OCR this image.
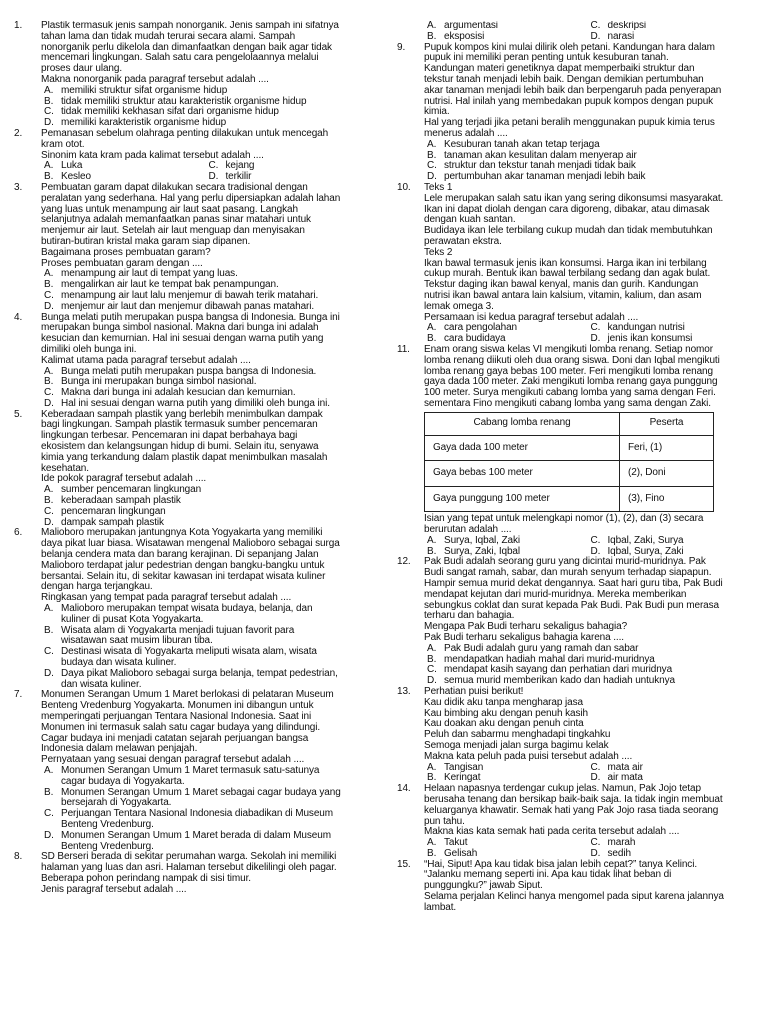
1.	Plastik termasuk jenis sampah nonorganik. Jenis sampah ini sifatnya
tahan lama dan tidak mudah terurai secara alami. Sampah
nonorganik perlu dikelola dan dimanfaatkan dengan baik agar tidak
mencemari lingkungan. Salah satu cara pengelolaannya melalui
proses daur ulang.
Makna nonorganik pada paragraf tersebut adalah ....
A. memiliki struktur sifat organisme hidup
B. tidak memiliki struktur atau karakteristik organisme hidup
C. tidak memiliki kekhasan sifat dari organisme hidup
D. memiliki karakteristik organisme hidup
2.	Pemanasan sebelum olahraga penting dilakukan untuk mencegah
kram otot.
Sinonim kata kram pada kalimat tersebut adalah ....
A. Luka	C. kejang
B. Kesleo	D. terkilir
3.	Pembuatan garam dapat dilakukan secara tradisional dengan
peralatan yang sederhana. Hal yang perlu dipersiapkan adalah lahan
yang luas untuk menampung air laut saat pasang. Langkah
selanjutnya adalah memanfaatkan panas sinar matahari untuk
menjemur air laut. Setelah air laut menguap dan menyisakan
butiran-butiran kristal maka garam siap dipanen.
Bagaimana proses pembuatan garam?
Proses pembuatan garam dengan ....
A. menampung air laut di tempat yang luas.
B. mengalirkan air laut ke tempat bak penampungan.
C. menampung air laut lalu menjemur di bawah terik matahari.
D. menjemur air laut dan menjemur dibawah panas matahari.
4.	Bunga melati putih merupakan puspa bangsa di Indonesia. Bunga ini
merupakan bunga simbol nasional. Makna dari bunga ini adalah
kesucian dan kemurnian. Hal ini sesuai dengan warna putih yang
dimiliki oleh bunga ini.
Kalimat utama pada paragraf tersebut adalah ....
A. Bunga melati putih merupakan puspa bangsa di Indonesia.
B. Bunga ini merupakan bunga simbol nasional.
C. Makna dari bunga ini adalah kesucian dan kemurnian.
D. Hal ini sesuai dengan warna putih yang dimiliki oleh bunga ini.
5.	Keberadaan sampah plastik yang berlebih menimbulkan dampak
bagi lingkungan. Sampah plastik termasuk sumber pencemaran
lingkungan terbesar. Pencemaran ini dapat berbahaya bagi
ekosistem dan kelangsungan hidup di bumi. Selain itu, senyawa
kimia yang terkandung dalam plastik dapat menimbulkan masalah
kesehatan.
Ide pokok paragraf tersebut adalah ....
A. sumber pencemaran lingkungan
B. keberadaan sampah plastik
C. pencemaran lingkungan
D. dampak sampah plastik
6.	Malioboro merupakan jantungnya Kota Yogyakarta yang memiliki
daya pikat luar biasa. Wisatawan mengenal Malioboro sebagai surga
belanja cendera mata dan barang kerajinan. Di sepanjang Jalan
Malioboro terdapat jalur pedestrian dengan bangku-bangku untuk
bersantai. Selain itu, di sekitar kawasan ini terdapat wisata kuliner
dengan harga terjangkau.
Ringkasan yang tempat pada paragraf tersebut adalah ....
A. Malioboro merupakan tempat wisata budaya, belanja, dan
kuliner di pusat Kota Yogyakarta.
B. Wisata alam di Yogyakarta menjadi tujuan favorit para
wisatawan saat musim liburan tiba.
C. Destinasi wisata di Yogyakarta meliputi wisata alam, wisata
budaya dan wisata kuliner.
D. Daya pikat Malioboro sebagai surga belanja, tempat pedestrian,
dan wisata kuliner.
7.	Monumen Serangan Umum 1 Maret berlokasi di pelataran Museum
Benteng Vredenburg Yogyakarta. Monumen ini dibangun untuk
memperingati perjuangan Tentara Nasional Indonesia. Saat ini
Monumen ini termasuk salah satu cagar budaya yang dilindungi.
Cagar budaya ini menjadi catatan sejarah perjuangan bangsa
Indonesia dalam melawan penjajah.
Pernyataan yang sesuai dengan paragraf tersebut adalah ....
A. Monumen Serangan Umum 1 Maret termasuk satu-satunya
cagar budaya di Yogyakarta.
B. Monumen Serangan Umum 1 Maret sebagai cagar budaya yang
bersejarah di Yogyakarta.
C. Perjuangan Tentara Nasional Indonesia diabadikan di Museum
Benteng Vredenburg.
D. Monumen Serangan Umum 1 Maret berada di dalam Museum
Benteng Vredenburg.
8.	SD Berseri berada di sekitar perumahan warga. Sekolah ini memiliki
halaman yang luas dan asri. Halaman tersebut dikelilingi oleh pagar.
Beberapa pohon perindang nampak di sisi timur.
Jenis paragraf tersebut adalah ....
A. argumentasi	C. deskripsi
B. eksposisi	D. narasi
9.	Pupuk kompos kini mulai dilirik oleh petani. Kandungan hara dalam
pupuk ini memiliki peran penting untuk kesuburan tanah.
Kandungan materi genetiknya dapat memperbaiki struktur dan
tekstur tanah menjadi lebih baik. Dengan demikian pertumbuhan
akar tanaman menjadi lebih baik dan berpengaruh pada penyerapan
nutrisi. Hal inilah yang membedakan pupuk kompos dengan pupuk
kimia.
Hal yang terjadi jika petani beralih menggunakan pupuk kimia terus
menerus adalah ....
A. Kesuburan tanah akan tetap terjaga
B. tanaman akan kesulitan dalam menyerap air
C. struktur dan tekstur tanah menjadi tidak baik
D. pertumbuhan akar tanaman menjadi lebih baik
10.	Teks 1
Lele merupakan salah satu ikan yang sering dikonsumsi masyarakat.
Ikan ini dapat diolah dengan cara digoreng, dibakar, atau dimasak
dengan kuah santan.
Budidaya ikan lele terbilang cukup mudah dan tidak membutuhkan
perawatan ekstra.
Teks 2
Ikan bawal termasuk jenis ikan konsumsi. Harga ikan ini terbilang
cukup murah. Bentuk ikan bawal terbilang sedang dan agak bulat.
Tekstur daging ikan bawal kenyal, manis dan gurih. Kandungan
nutrisi ikan bawal antara lain kalsium, vitamin, kalium, dan asam
lemak omega 3.
Persamaan isi kedua paragraf tersebut adalah ....
A. cara pengolahan	C. kandungan nutrisi
B. cara budidaya	D. jenis ikan konsumsi
11.	Enam orang siswa kelas VI mengikuti lomba renang. Setiap nomor
lomba renang diikuti oleh dua orang siswa. Doni dan Iqbal mengikuti
lomba renang gaya bebas 100 meter. Feri mengikuti lomba renang
gaya dada 100 meter. Zaki mengikuti lomba renang gaya punggung
100 meter. Surya mengikuti cabang lomba yang sama dengan Feri.
sementara Fino mengikuti cabang lomba yang sama dengan Zaki.
Cabang lomba renang	Peserta
Gaya dada 100 meter	Feri, (1)
Gaya bebas 100 meter	(2), Doni
Gaya punggung 100 meter	(3), Fino
Isian yang tepat untuk melengkapi nomor (1), (2), dan (3) secara
berurutan adalah ....
A. Surya, Iqbal, Zaki	C. Iqbal, Zaki, Surya
B. Surya, Zaki, Iqbal	D. Iqbal, Surya, Zaki
12.	Pak Budi adalah seorang guru yang dicintai murid-muridnya. Pak
Budi sangat ramah, sabar, dan murah senyum terhadap siapapun.
Hampir semua murid dekat dengannya. Saat hari guru tiba, Pak Budi
mendapat kejutan dari murid-muridnya. Mereka memberikan
sebungkus coklat dan surat kepada Pak Budi. Pak Budi pun merasa
terharu dan bahagia.
Mengapa Pak Budi terharu sekaligus bahagia?
Pak Budi terharu sekaligus bahagia karena ....
A. Pak Budi adalah guru yang ramah dan sabar
B. mendapatkan hadiah mahal dari murid-muridnya
C. mendapat kasih sayang dan perhatian dari muridnya
D. semua murid memberikan kado dan hadiah untuknya
13.	Perhatian puisi berikut!
Kau didik aku tanpa mengharap jasa
Kau bimbing aku dengan penuh kasih
Kau doakan aku dengan penuh cinta
Peluh dan sabarmu menghadapi tingkahku
Semoga menjadi jalan surga bagimu kelak
Makna kata peluh pada puisi tersebut adalah ....
A. Tangisan	C. mata air
B. Keringat	D. air mata
14.	Helaan napasnya terdengar cukup jelas. Namun, Pak Jojo tetap
berusaha tenang dan bersikap baik-baik saja. Ia tidak ingin membuat
keluarganya khawatir. Semak hati yang Pak Jojo rasa tiada seorang
pun tahu.
Makna kias kata semak hati pada cerita tersebut adalah ....
A. Takut	C. marah
B. Gelisah	D. sedih
15.	“Hai, Siput! Apa kau tidak bisa jalan lebih cepat?” tanya Kelinci.
“Jalanku memang seperti ini. Apa kau tidak lihat beban di
punggungku?” jawab Siput.
Selama perjalan Kelinci hanya mengomel pada siput karena jalannya
lambat.
